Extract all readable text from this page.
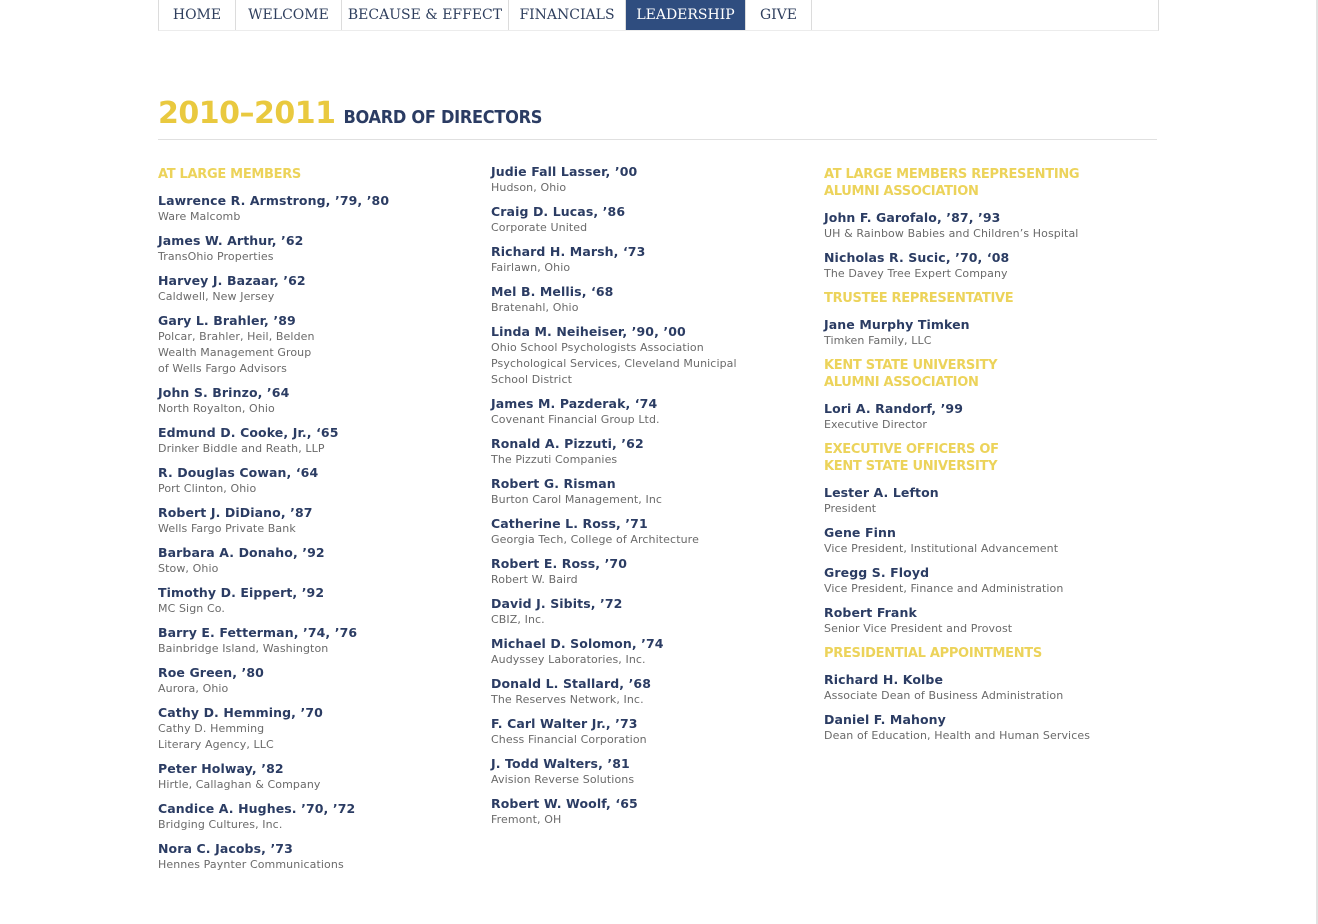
HOME	WELCOME	BECAUSE & EFFECT	FINANCIALS	LEADERSHIP	GIVE
2010–2011 BOARD OF DIRECTORS
AT LARGE MEMBERS
Lawrence R. Armstrong, ’79, ’80
Ware Malcomb
James W. Arthur, ’62
TransOhio Properties
Harvey J. Bazaar, ’62
Caldwell, New Jersey
Gary L. Brahler, ’89
Polcar, Brahler, Heil, Belden
Wealth Management Group
of Wells Fargo Advisors
John S. Brinzo, ’64
North Royalton, Ohio
Edmund D. Cooke, Jr., ‘65
Drinker Biddle and Reath, LLP
R. Douglas Cowan, ‘64
Port Clinton, Ohio
Robert J. DiDiano, ’87
Wells Fargo Private Bank
Barbara A. Donaho, ’92
Stow, Ohio
Timothy D. Eippert, ’92
MC Sign Co.
Barry E. Fetterman, ’74, ’76
Bainbridge Island, Washington
Roe Green, ’80
Aurora, Ohio
Cathy D. Hemming, ’70
Cathy D. Hemming
Literary Agency, LLC
Peter Holway, ’82
Hirtle, Callaghan & Company
Candice A. Hughes. ’70, ’72
Bridging Cultures, Inc.
Nora C. Jacobs, ’73
Hennes Paynter Communications
Judie Fall Lasser, ’00
Hudson, Ohio
Craig D. Lucas, ’86
Corporate United
Richard H. Marsh, ‘73
Fairlawn, Ohio
Mel B. Mellis, ‘68
Bratenahl, Ohio
Linda M. Neiheiser, ’90, ’00
Ohio School Psychologists Association
Psychological Services, Cleveland Municipal
School District
James M. Pazderak, ‘74
Covenant Financial Group Ltd.
Ronald A. Pizzuti, ’62
The Pizzuti Companies
Robert G. Risman
Burton Carol Management, Inc
Catherine L. Ross, ’71
Georgia Tech, College of Architecture
Robert E. Ross, ’70
Robert W. Baird
David J. Sibits, ’72
CBIZ, Inc.
Michael D. Solomon, ’74
Audyssey Laboratories, Inc.
Donald L. Stallard, ’68
The Reserves Network, Inc.
F. Carl Walter Jr., ’73
Chess Financial Corporation
J. Todd Walters, ’81
Avision Reverse Solutions
Robert W. Woolf, ‘65
Fremont, OH
AT LARGE MEMBERS REPRESENTING
ALUMNI ASSOCIATION
John F. Garofalo, ’87, ’93
UH & Rainbow Babies and Children’s Hospital
Nicholas R. Sucic, ’70, ‘08
The Davey Tree Expert Company
TRUSTEE REPRESENTATIVE
Jane Murphy Timken
Timken Family, LLC
KENT STATE UNIVERSITY
ALUMNI ASSOCIATION
Lori A. Randorf, ’99
Executive Director
EXECUTIVE OFFICERS OF
KENT STATE UNIVERSITY
Lester A. Lefton
President
Gene Finn
Vice President, Institutional Advancement
Gregg S. Floyd
Vice President, Finance and Administration
Robert Frank
Senior Vice President and Provost
PRESIDENTIAL APPOINTMENTS
Richard H. Kolbe
Associate Dean of Business Administration
Daniel F. Mahony
Dean of Education, Health and Human Services
